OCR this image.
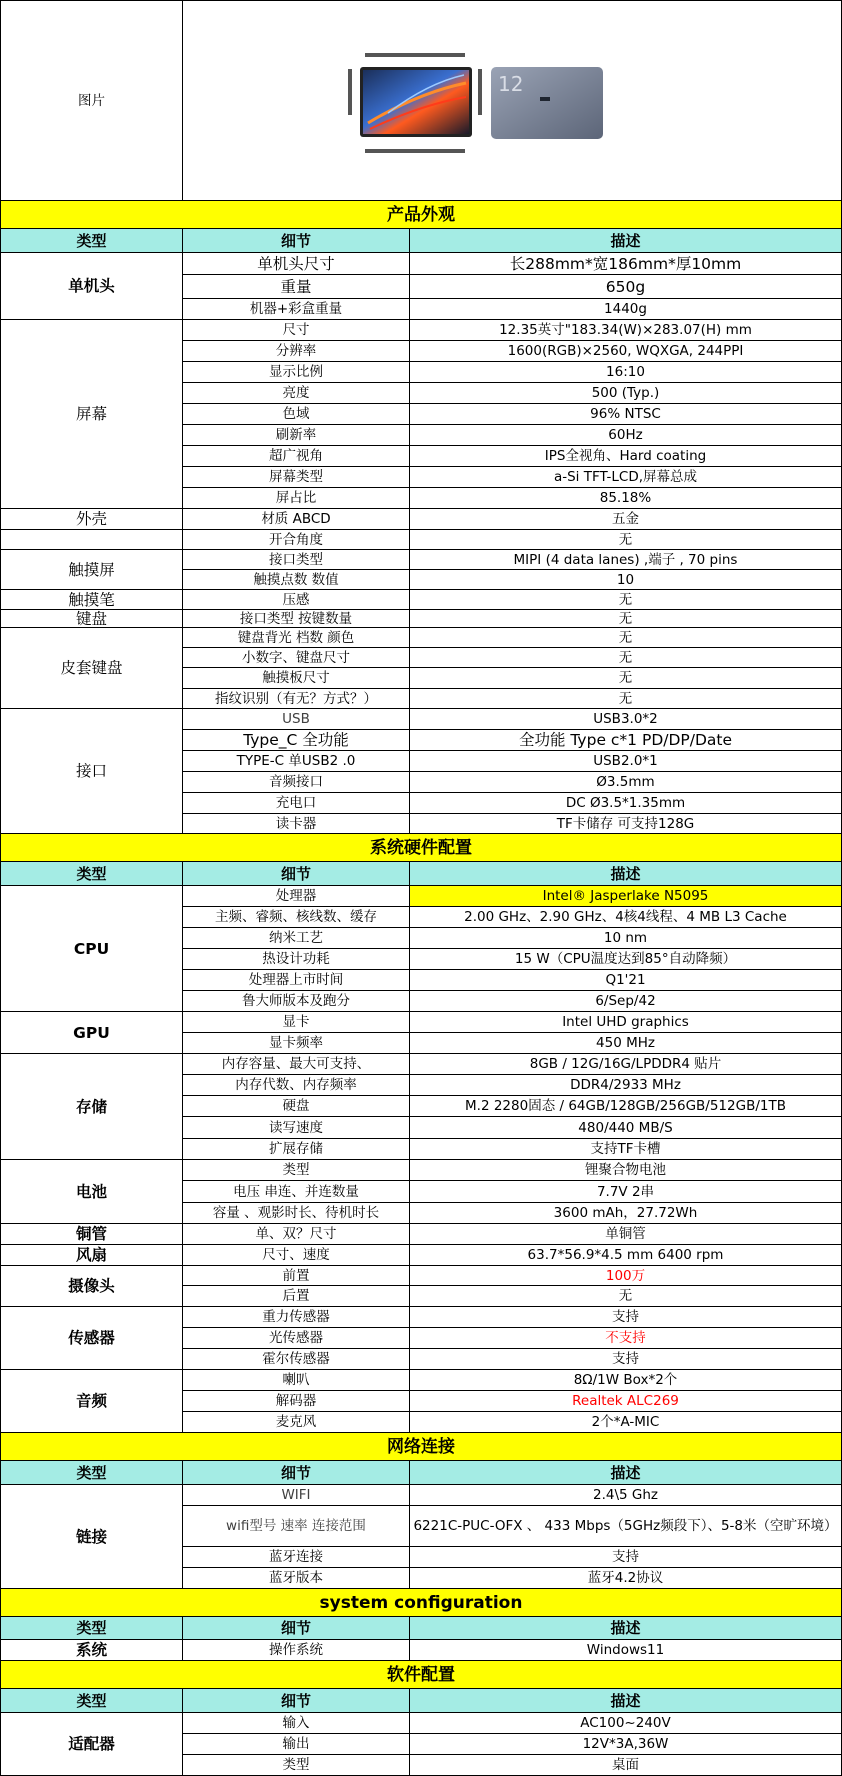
图片
12
产品外观
类型	细节	描述
单机头
单机头尺寸	长288mm*宽186mm*厚10mm
重量	650g
机器+彩盒重量	1440g
屏幕
尺寸	12.35英寸"183.34(W)×283.07(H) mm
分辨率	1600(RGB)×2560, WQXGA, 244PPI
显示比例	16:10
亮度	500 (Typ.)
色域	96% NTSC
刷新率	60Hz
超广视角	IPS全视角、Hard coating
屏幕类型	a-Si TFT-LCD,屏幕总成
屏占比	85.18%
外壳	材质 ABCD	五金
开合角度	无
触摸屏
接口类型	MIPI (4 data lanes) ,端子 , 70 pins
触摸点数 数值	10
触摸笔	压感	无
键盘	接口类型 按键数量	无
皮套键盘
键盘背光 档数 颜色	无
小数字、键盘尺寸	无
触摸板尺寸	无
指纹识别（有无？方式？）	无
接口
USB	USB3.0*2
Type_C 全功能	全功能 Type c*1 PD/DP/Date
TYPE-C 单USB2 .0	USB2.0*1
音频接口	Ø3.5mm
充电口	DC Ø3.5*1.35mm
读卡器	TF卡储存 可支持128G
系统硬件配置
类型	细节	描述
CPU
处理器	Intel® Jasperlake N5095
主频、睿频、核线数、缓存	2.00 GHz、2.90 GHz、4核4线程、4 MB L3 Cache
纳米工艺	10 nm
热设计功耗	15 W（CPU温度达到85°自动降频）
处理器上市时间	Q1'21
鲁大师版本及跑分	6/Sep/42
GPU
显卡	Intel UHD graphics
显卡频率	450 MHz
存储
内存容量、最大可支持、	8GB / 12G/16G/LPDDR4 贴片
内存代数、内存频率	DDR4/2933 MHz
硬盘	M.2 2280固态 / 64GB/128GB/256GB/512GB/1TB
读写速度	480/440 MB/S
扩展存储	支持TF卡槽
电池
类型	锂聚合物电池
电压 串连、并连数量	7.7V 2串
容量 、观影时长、待机时长	3600 mAh，27.72Wh
铜管	单、双？尺寸	单铜管
风扇	尺寸、速度	63.7*56.9*4.5 mm 6400 rpm
摄像头
前置	100万
后置	无
传感器
重力传感器	支持
光传感器	不支持
霍尔传感器	支持
音频
喇叭	8Ω/1W Box*2个
解码器	Realtek ALC269
麦克风	2个*A-MIC
网络连接
类型	细节	描述
链接
WIFI	2.4\5 Ghz
wifi型号 速率 连接范围	6221C-PUC-OFX 、 433 Mbps（5GHz频段下）、5-8米（空旷环境）
蓝牙连接	支持
蓝牙版本	蓝牙4.2协议
system configuration
类型	细节	描述
系统	操作系统	Windows11
软件配置
类型	细节	描述
适配器
输入	AC100~240V
输出	12V*3A,36W
类型	桌面
